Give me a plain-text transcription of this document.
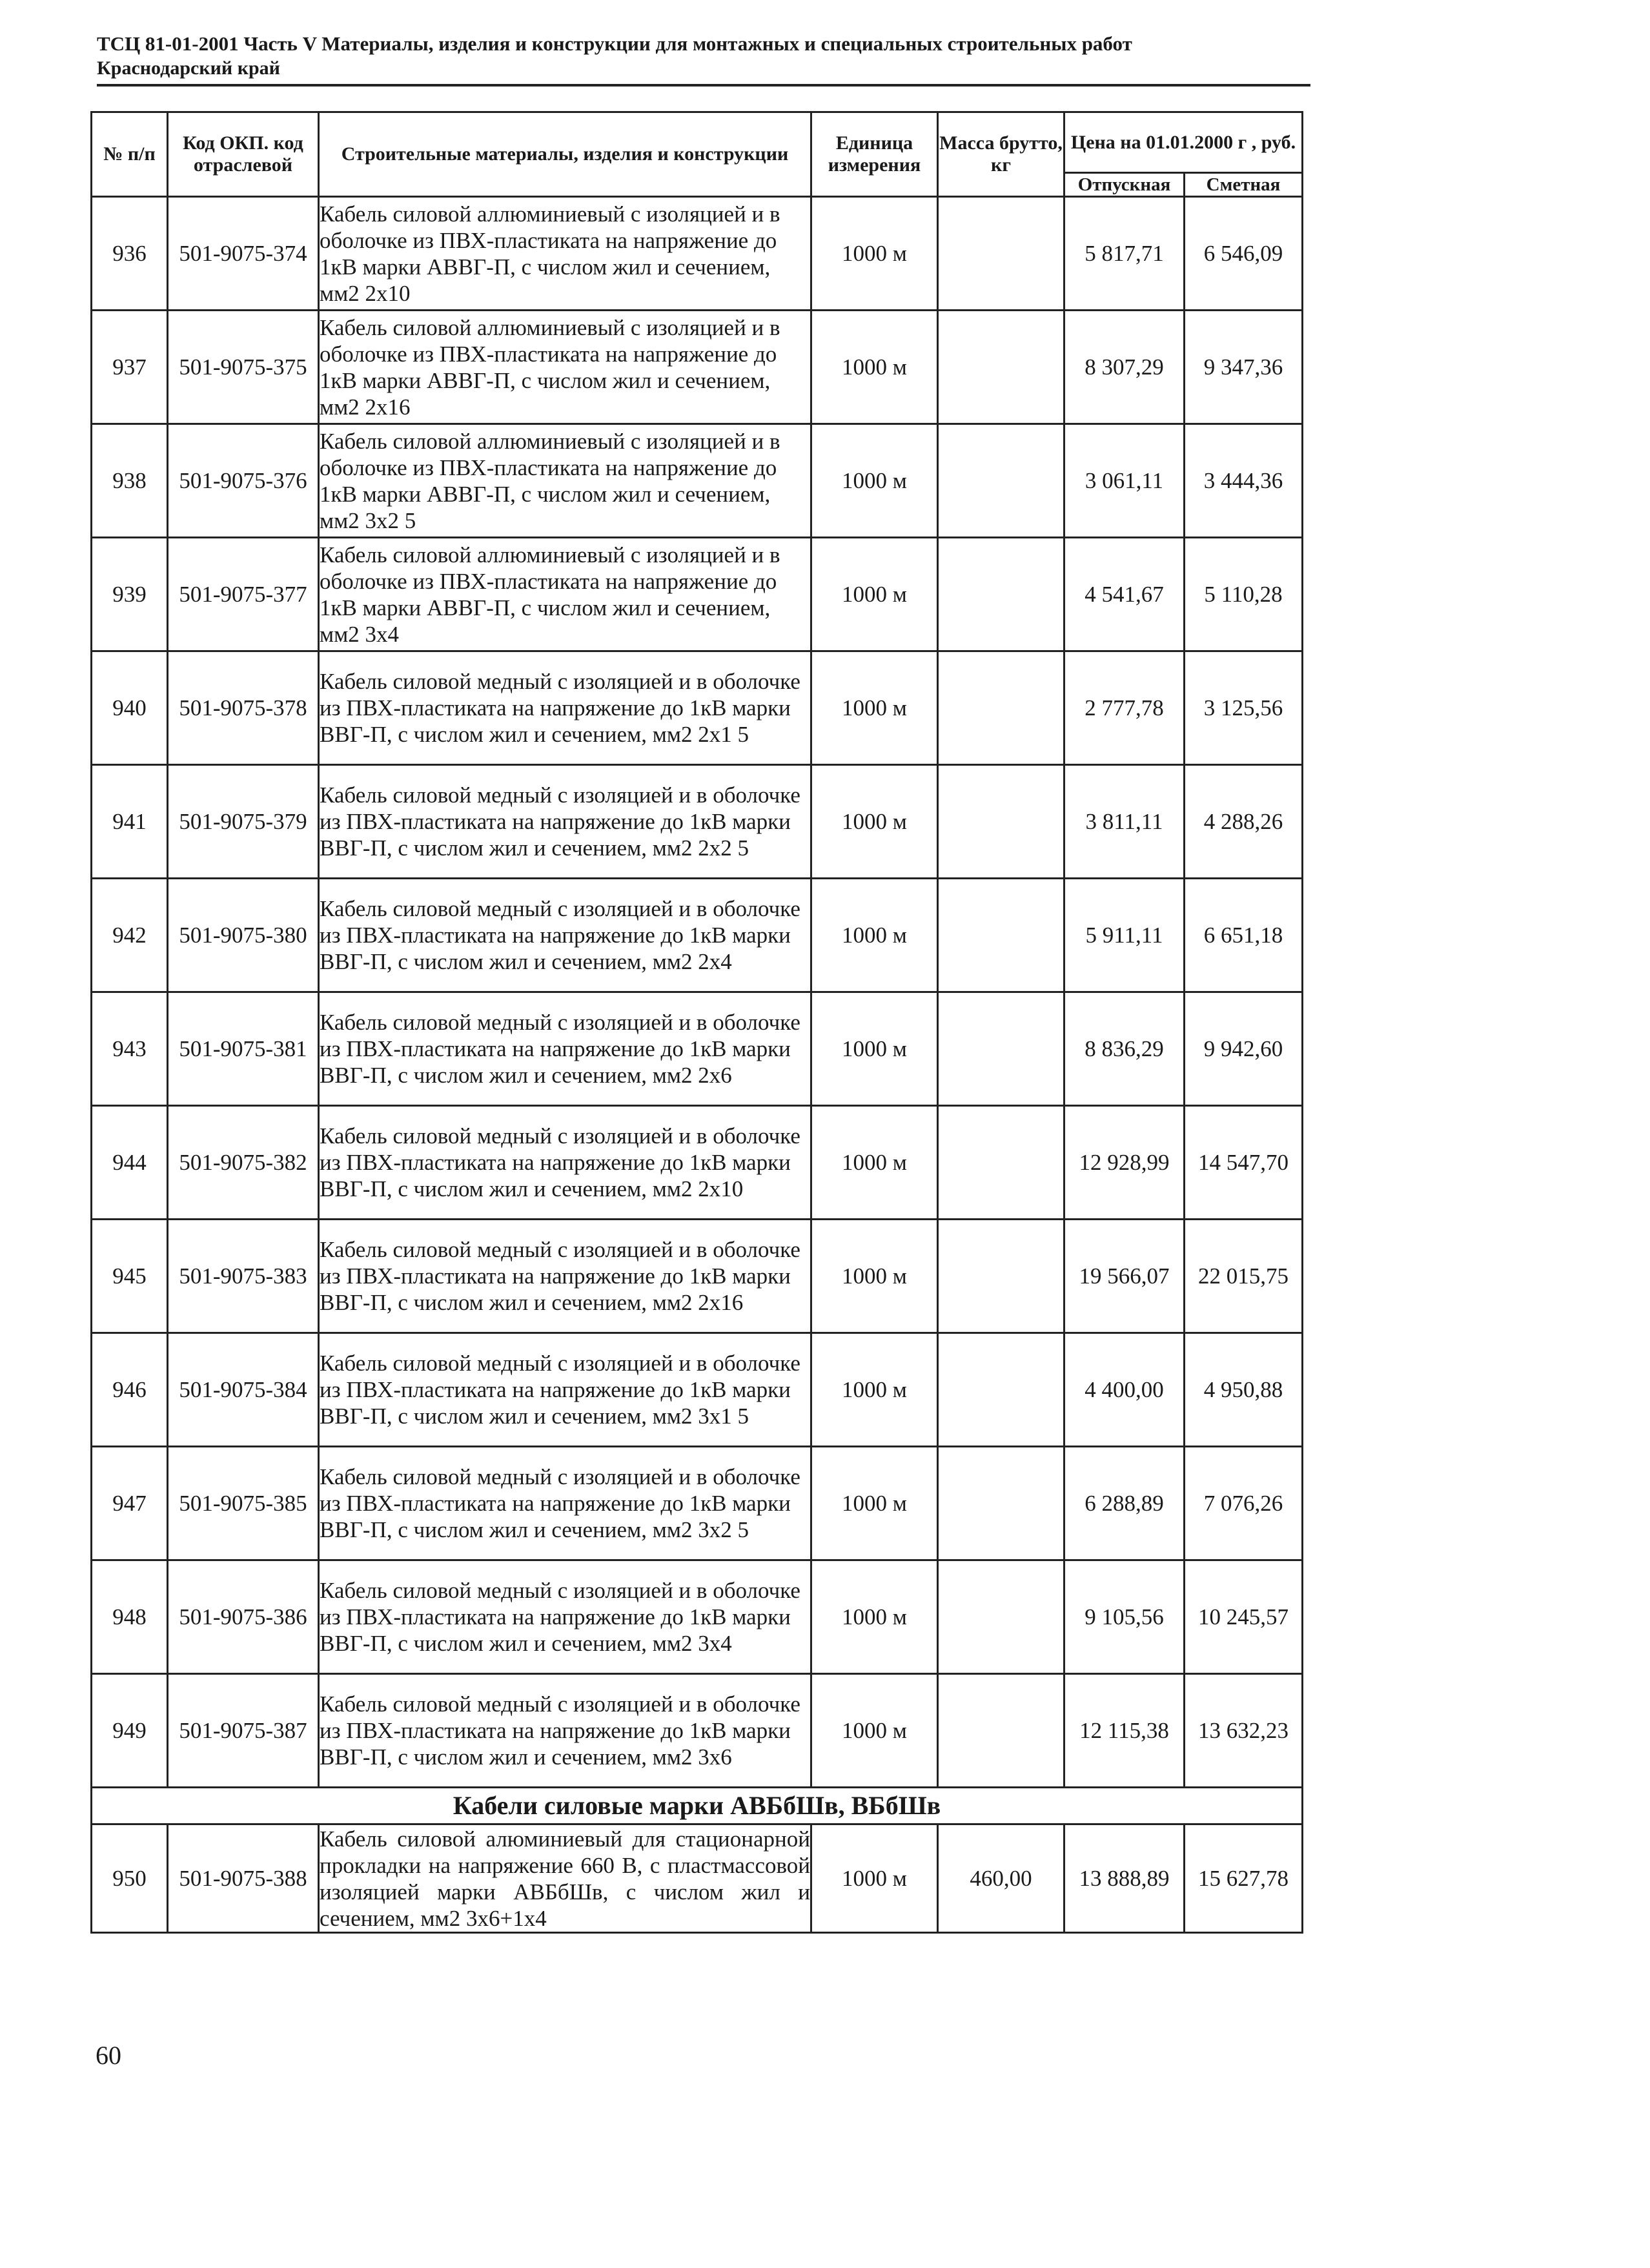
ТСЦ 81-01-2001 Часть V Материалы, изделия и конструкции для монтажных и специальных строительных работ
Краснодарский край
№ п/п	Код ОКП. код отраслевой	Строительные материалы, изделия и конструкции	Единица измерения	Масса брутто, кг	Цена на 01.01.2000 г , руб.	
					Отпускная	Сметная
936	501-9075-374	Кабель силовой аллюминиевый с изоляцией и в оболочке из ПВХ-пластиката на напряжение до 1кВ марки АВВГ-П, с числом жил и сечением, мм2 2х10	1000 м		5 817,71	6 546,09
937	501-9075-375	Кабель силовой аллюминиевый с изоляцией и в оболочке из ПВХ-пластиката на напряжение до 1кВ марки АВВГ-П, с числом жил и сечением, мм2 2х16	1000 м		8 307,29	9 347,36
938	501-9075-376	Кабель силовой аллюминиевый с изоляцией и в оболочке из ПВХ-пластиката на напряжение до 1кВ марки АВВГ-П, с числом жил и сечением, мм2 3х2 5	1000 м		3 061,11	3 444,36
939	501-9075-377	Кабель силовой аллюминиевый с изоляцией и в оболочке из ПВХ-пластиката на напряжение до 1кВ марки АВВГ-П, с числом жил и сечением, мм2 3х4	1000 м		4 541,67	5 110,28
940	501-9075-378	Кабель силовой медный с изоляцией и в оболочке из ПВХ-пластиката на напряжение до 1кВ марки ВВГ-П, с числом жил и сечением, мм2 2х1 5	1000 м		2 777,78	3 125,56
941	501-9075-379	Кабель силовой медный с изоляцией и в оболочке из ПВХ-пластиката на напряжение до 1кВ марки ВВГ-П, с числом жил и сечением, мм2 2х2 5	1000 м		3 811,11	4 288,26
942	501-9075-380	Кабель силовой медный с изоляцией и в оболочке из ПВХ-пластиката на напряжение до 1кВ марки ВВГ-П, с числом жил и сечением, мм2 2х4	1000 м		5 911,11	6 651,18
943	501-9075-381	Кабель силовой медный с изоляцией и в оболочке из ПВХ-пластиката на напряжение до 1кВ марки ВВГ-П, с числом жил и сечением, мм2 2х6	1000 м		8 836,29	9 942,60
944	501-9075-382	Кабель силовой медный с изоляцией и в оболочке из ПВХ-пластиката на напряжение до 1кВ марки ВВГ-П, с числом жил и сечением, мм2 2х10	1000 м		12 928,99	14 547,70
945	501-9075-383	Кабель силовой медный с изоляцией и в оболочке из ПВХ-пластиката на напряжение до 1кВ марки ВВГ-П, с числом жил и сечением, мм2 2х16	1000 м		19 566,07	22 015,75
946	501-9075-384	Кабель силовой медный с изоляцией и в оболочке из ПВХ-пластиката на напряжение до 1кВ марки ВВГ-П, с числом жил и сечением, мм2 3х1 5	1000 м		4 400,00	4 950,88
947	501-9075-385	Кабель силовой медный с изоляцией и в оболочке из ПВХ-пластиката на напряжение до 1кВ марки ВВГ-П, с числом жил и сечением, мм2 3х2 5	1000 м		6 288,89	7 076,26
948	501-9075-386	Кабель силовой медный с изоляцией и в оболочке из ПВХ-пластиката на напряжение до 1кВ марки ВВГ-П, с числом жил и сечением, мм2 3х4	1000 м		9 105,56	10 245,57
949	501-9075-387	Кабель силовой медный с изоляцией и в оболочке из ПВХ-пластиката на напряжение до 1кВ марки ВВГ-П, с числом жил и сечением, мм2 3х6	1000 м		12 115,38	13 632,23
Кабели силовые марки АВБбШв, ВБбШв						
950	501-9075-388	Кабель силовой алюминиевый для стационарной прокладки на напряжение 660 В, с пластмассовой изоляцией марки АВБбШв, с числом жил и сечением, мм2 3х6+1х4	1000 м	460,00	13 888,89	15 627,78
60
